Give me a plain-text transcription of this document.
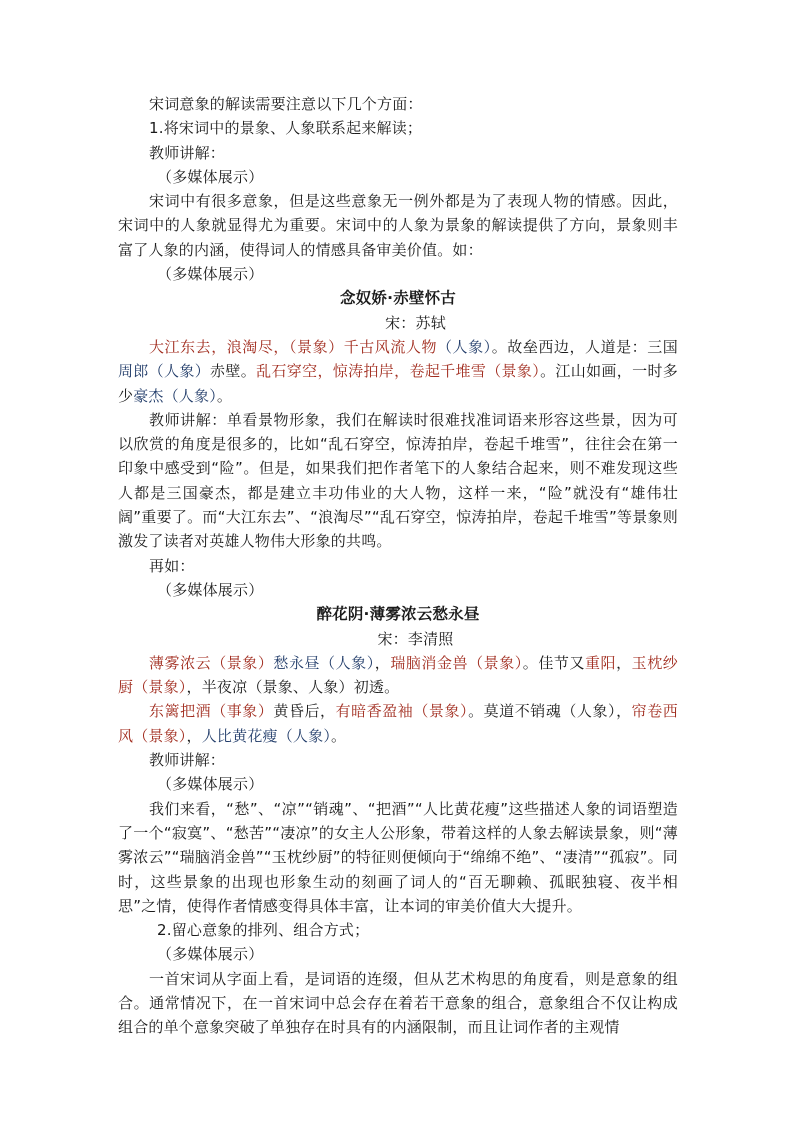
宋词意象的解读需要注意以下几个方面：

1.将宋词中的景象、人象联系起来解读；

教师讲解：

（多媒体展示）

宋词中有很多意象，但是这些意象无一例外都是为了表现人物的情感。因此，宋词中的人象就显得尤为重要。宋词中的人象为景象的解读提供了方向，景象则丰富了人象的内涵，使得词人的情感具备审美价值。如：

（多媒体展示）

念奴娇·赤壁怀古

宋：苏轼

大江东去，浪淘尽，（景象）千古风流人物（人象）。故垒西边，人道是：三国周郎（人象）赤壁。乱石穿空，惊涛拍岸，卷起千堆雪（景象）。江山如画，一时多少豪杰（人象）。

教师讲解：单看景物形象，我们在解读时很难找准词语来形容这些景，因为可以欣赏的角度是很多的，比如“乱石穿空，惊涛拍岸，卷起千堆雪”，往往会在第一印象中感受到“险”。但是，如果我们把作者笔下的人象结合起来，则不难发现这些人都是三国豪杰，都是建立丰功伟业的大人物，这样一来，“险”就没有“雄伟壮阔”重要了。而“大江东去”、“浪淘尽”“乱石穿空，惊涛拍岸，卷起千堆雪”等景象则激发了读者对英雄人物伟大形象的共鸣。

再如：

（多媒体展示）

醉花阴·薄雾浓云愁永昼

宋：李清照

薄雾浓云（景象）愁永昼（人象），瑞脑消金兽（景象）。佳节又重阳，玉枕纱厨（景象），半夜凉（景象、人象）初透。

东篱把酒（事象）黄昏后，有暗香盈袖（景象）。莫道不销魂（人象），帘卷西风（景象），人比黄花瘦（人象）。

教师讲解：

（多媒体展示）

我们来看，“愁”、“凉”“销魂”、“把酒”“人比黄花瘦”这些描述人象的词语塑造了一个“寂寞”、“愁苦”“凄凉”的女主人公形象，带着这样的人象去解读景象，则“薄雾浓云”“瑞脑消金兽”“玉枕纱厨”的特征则便倾向于“绵绵不绝”、“凄清”“孤寂”。同时，这些景象的出现也形象生动的刻画了词人的“百无聊赖、孤眠独寝、夜半相思”之情，使得作者情感变得具体丰富，让本词的审美价值大大提升。

2.留心意象的排列、组合方式；

（多媒体展示）

一首宋词从字面上看，是词语的连缀，但从艺术构思的角度看，则是意象的组合。通常情况下，在一首宋词中总会存在着若干意象的组合，意象组合不仅让构成组合的单个意象突破了单独存在时具有的内涵限制，而且让词作者的主观情
